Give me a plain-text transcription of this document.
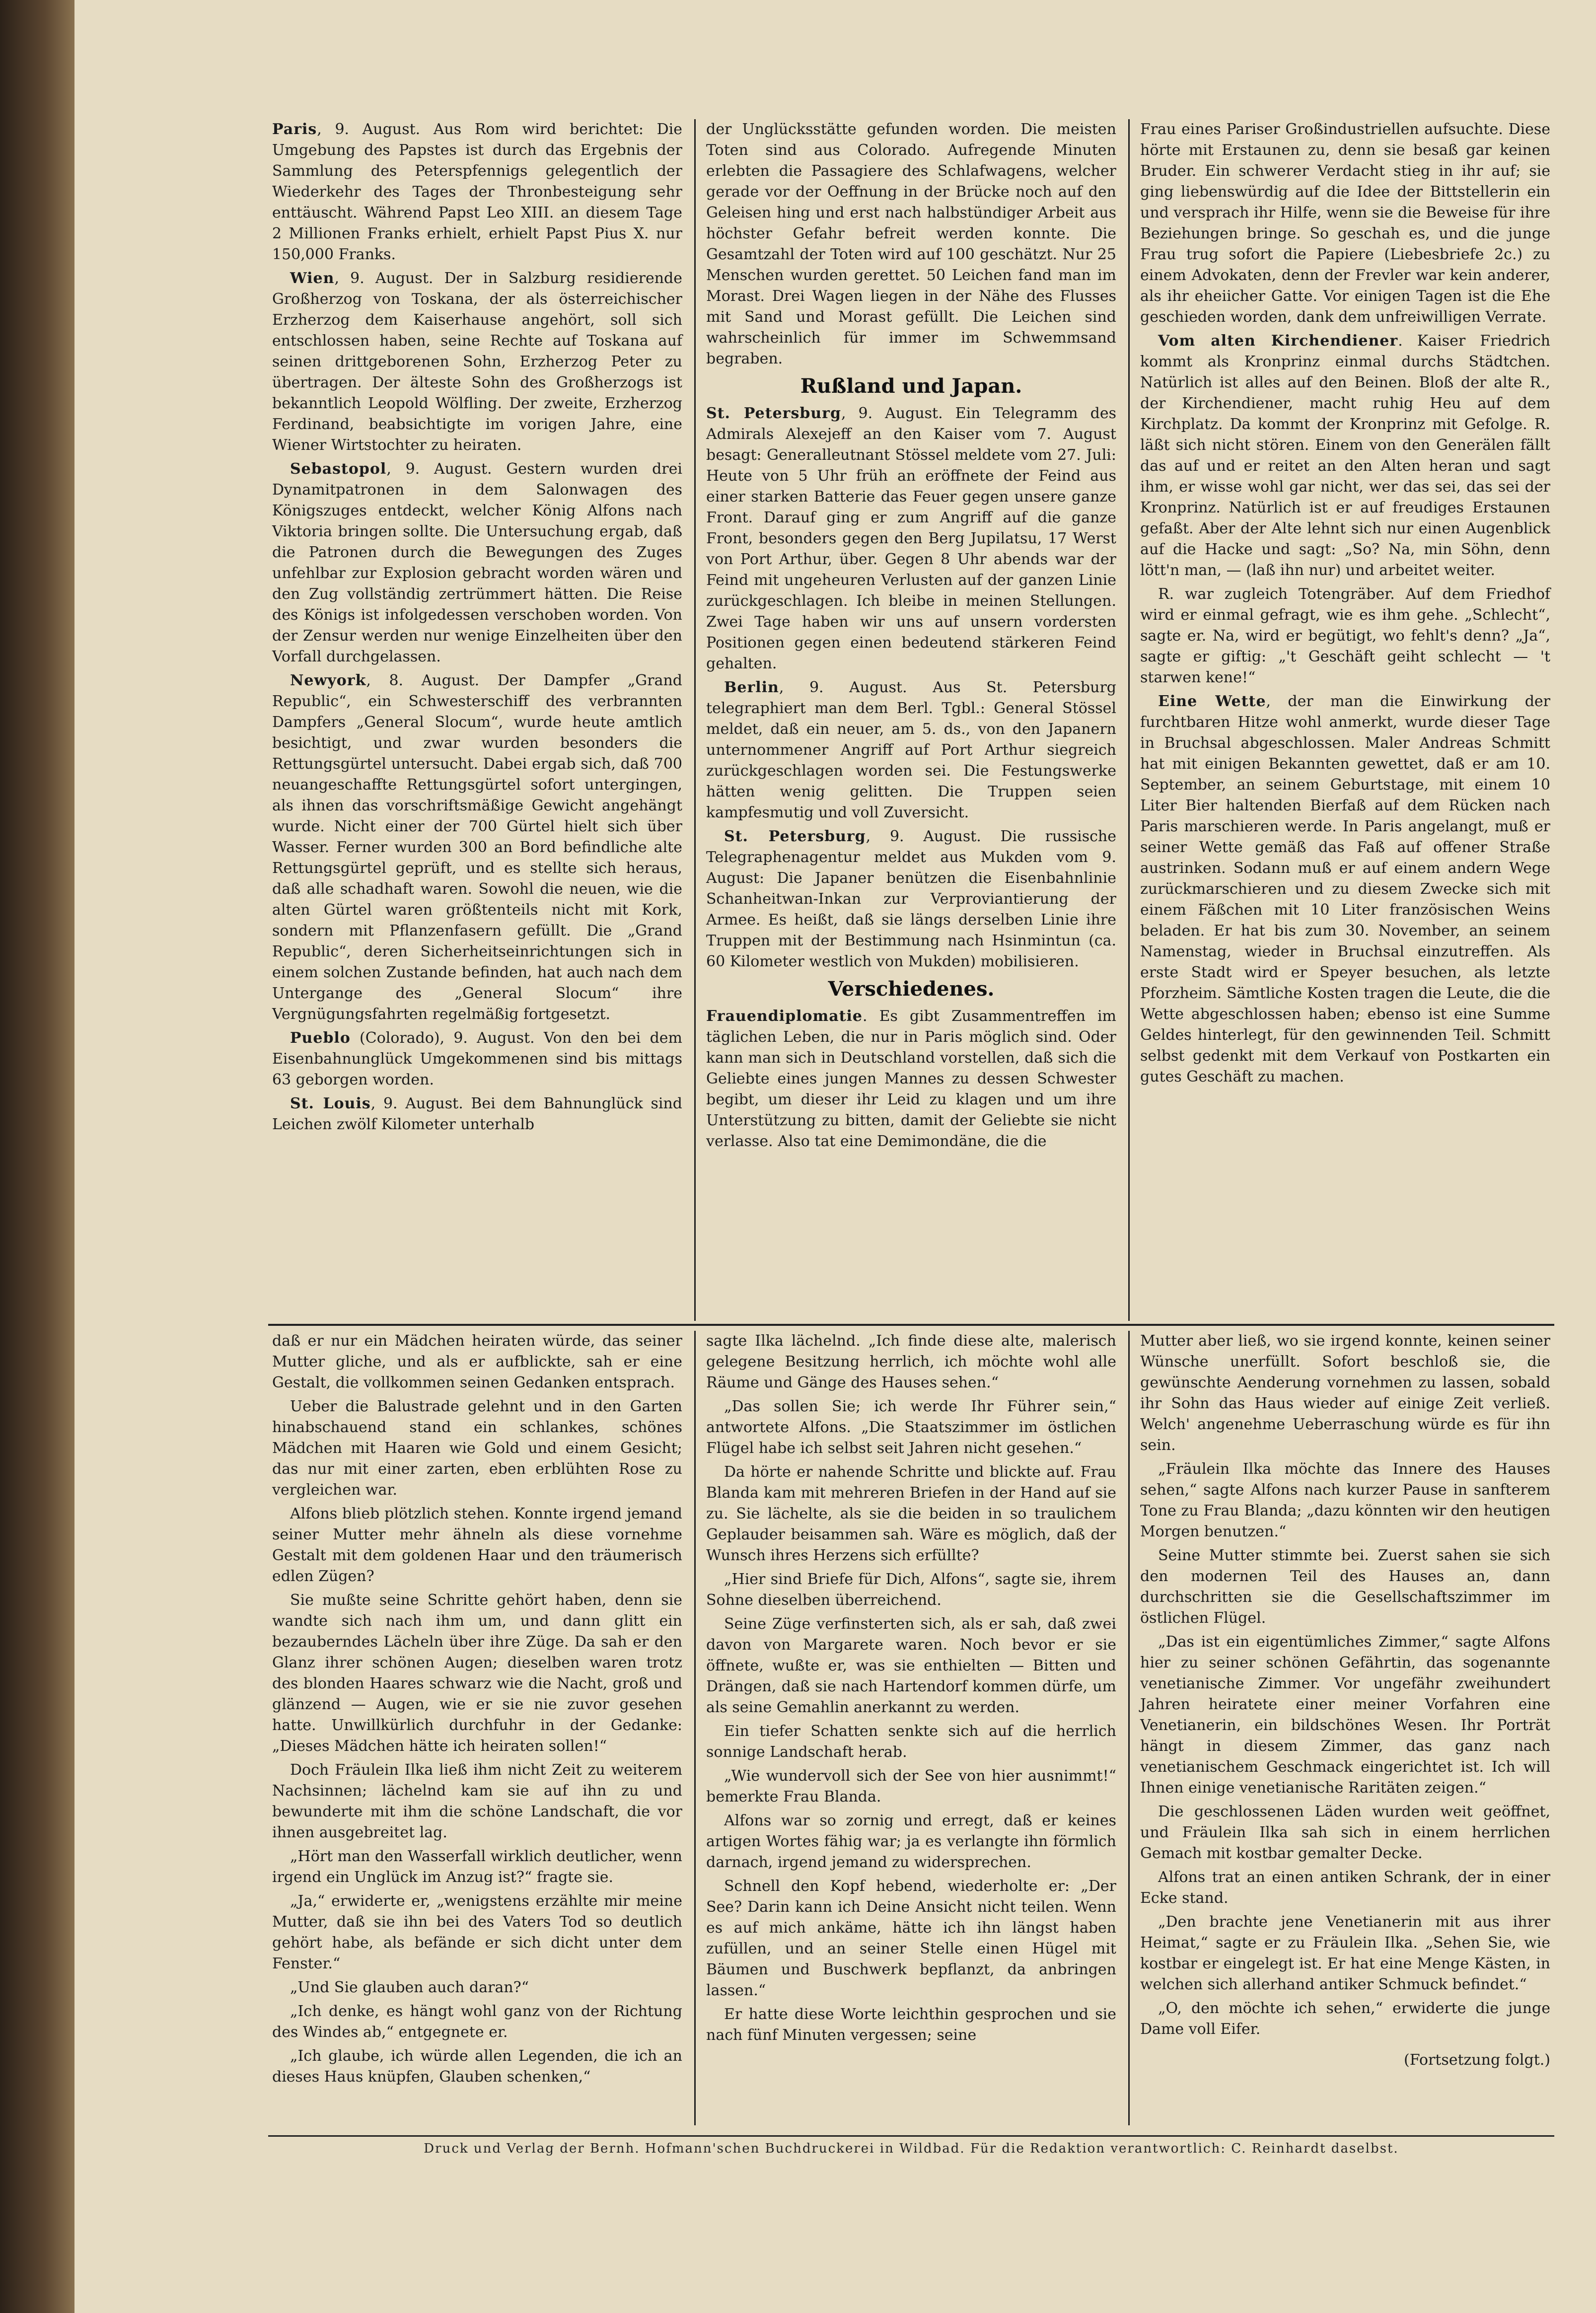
Paris, 9. August. Aus Rom wird berichtet: Die Umgebung des Papstes ist durch das Ergebnis der Sammlung des Peterspfennigs gelegentlich der Wiederkehr des Tages der Thronbesteigung sehr enttäuscht. Während Papst Leo XIII. an diesem Tage 2 Millionen Franks erhielt, erhielt Papst Pius X. nur 150,000 Franks.

Wien, 9. August. Der in Salzburg residierende Großherzog von Toskana, der als österreichischer Erzherzog dem Kaiserhause angehört, soll sich entschlossen haben, seine Rechte auf Toskana auf seinen drittgeborenen Sohn, Erzherzog Peter zu übertragen. Der älteste Sohn des Großherzogs ist bekanntlich Leopold Wölfling. Der zweite, Erzherzog Ferdinand, beabsichtigte im vorigen Jahre, eine Wiener Wirtstochter zu heiraten.

Sebastopol, 9. August. Gestern wurden drei Dynamitpatronen in dem Salonwagen des Königszuges entdeckt, welcher König Alfons nach Viktoria bringen sollte. Die Untersuchung ergab, daß die Patronen durch die Bewegungen des Zuges unfehlbar zur Explosion gebracht worden wären und den Zug vollständig zertrümmert hätten. Die Reise des Königs ist infolgedessen verschoben worden. Von der Zensur werden nur wenige Einzelheiten über den Vorfall durchgelassen.

Newyork, 8. August. Der Dampfer „Grand Republic“, ein Schwesterschiff des verbrannten Dampfers „General Slocum“, wurde heute amtlich besichtigt, und zwar wurden besonders die Rettungsgürtel untersucht. Dabei ergab sich, daß 700 neuangeschaffte Rettungsgürtel sofort untergingen, als ihnen das vorschriftsmäßige Gewicht angehängt wurde. Nicht einer der 700 Gürtel hielt sich über Wasser. Ferner wurden 300 an Bord befindliche alte Rettungsgürtel geprüft, und es stellte sich heraus, daß alle schadhaft waren. Sowohl die neuen, wie die alten Gürtel waren größtenteils nicht mit Kork, sondern mit Pflanzenfasern gefüllt. Die „Grand Republic“, deren Sicherheitseinrichtungen sich in einem solchen Zustande befinden, hat auch nach dem Untergange des „General Slocum“ ihre Vergnügungsfahrten regelmäßig fortgesetzt.

Pueblo (Colorado), 9. August. Von den bei dem Eisenbahnunglück Umgekommenen sind bis mittags 63 geborgen worden.

St. Louis, 9. August. Bei dem Bahnunglück sind Leichen zwölf Kilometer unterhalb

der Unglücksstätte gefunden worden. Die meisten Toten sind aus Colorado. Aufregende Minuten erlebten die Passagiere des Schlafwagens, welcher gerade vor der Oeffnung in der Brücke noch auf den Geleisen hing und erst nach halbstündiger Arbeit aus höchster Gefahr befreit werden konnte. Die Gesamtzahl der Toten wird auf 100 geschätzt. Nur 25 Menschen wurden gerettet. 50 Leichen fand man im Morast. Drei Wagen liegen in der Nähe des Flusses mit Sand und Morast gefüllt. Die Leichen sind wahrscheinlich für immer im Schwemmsand begraben.

Rußland und Japan.

St. Petersburg, 9. August. Ein Telegramm des Admirals Alexejeff an den Kaiser vom 7. August besagt: Generalleutnant Stössel meldete vom 27. Juli: Heute von 5 Uhr früh an eröffnete der Feind aus einer starken Batterie das Feuer gegen unsere ganze Front. Darauf ging er zum Angriff auf die ganze Front, besonders gegen den Berg Jupilatsu, 17 Werst von Port Arthur, über. Gegen 8 Uhr abends war der Feind mit ungeheuren Verlusten auf der ganzen Linie zurückgeschlagen. Ich bleibe in meinen Stellungen. Zwei Tage haben wir uns auf unsern vordersten Positionen gegen einen bedeutend stärkeren Feind gehalten.

Berlin, 9. August. Aus St. Petersburg telegraphiert man dem Berl. Tgbl.: General Stössel meldet, daß ein neuer, am 5. ds., von den Japanern unternommener Angriff auf Port Arthur siegreich zurückgeschlagen worden sei. Die Festungswerke hätten wenig gelitten. Die Truppen seien kampfesmutig und voll Zuversicht.

St. Petersburg, 9. August. Die russische Telegraphenagentur meldet aus Mukden vom 9. August: Die Japaner benützen die Eisenbahnlinie Schanheitwan-Inkan zur Verproviantierung der Armee. Es heißt, daß sie längs derselben Linie ihre Truppen mit der Bestimmung nach Hsinmintun (ca. 60 Kilometer westlich von Mukden) mobilisieren.

Verschiedenes.

Frauendiplomatie. Es gibt Zusammentreffen im täglichen Leben, die nur in Paris möglich sind. Oder kann man sich in Deutschland vorstellen, daß sich die Geliebte eines jungen Mannes zu dessen Schwester begibt, um dieser ihr Leid zu klagen und um ihre Unterstützung zu bitten, damit der Geliebte sie nicht verlasse. Also tat eine Demimondäne, die die

Frau eines Pariser Großindustriellen aufsuchte. Diese hörte mit Erstaunen zu, denn sie besaß gar keinen Bruder. Ein schwerer Verdacht stieg in ihr auf; sie ging liebenswürdig auf die Idee der Bittstellerin ein und versprach ihr Hilfe, wenn sie die Beweise für ihre Beziehungen bringe. So geschah es, und die junge Frau trug sofort die Papiere (Liebesbriefe 2c.) zu einem Advokaten, denn der Frevler war kein anderer, als ihr eheiicher Gatte. Vor einigen Tagen ist die Ehe geschieden worden, dank dem unfreiwilligen Verrate.

Vom alten Kirchendiener. Kaiser Friedrich kommt als Kronprinz einmal durchs Städtchen. Natürlich ist alles auf den Beinen. Bloß der alte R., der Kirchendiener, macht ruhig Heu auf dem Kirchplatz. Da kommt der Kronprinz mit Gefolge. R. läßt sich nicht stören. Einem von den Generälen fällt das auf und er reitet an den Alten heran und sagt ihm, er wisse wohl gar nicht, wer das sei, das sei der Kronprinz. Natürlich ist er auf freudiges Erstaunen gefaßt. Aber der Alte lehnt sich nur einen Augenblick auf die Hacke und sagt: „So? Na, min Söhn, denn lött'n man, — (laß ihn nur) und arbeitet weiter.

R. war zugleich Totengräber. Auf dem Friedhof wird er einmal gefragt, wie es ihm gehe. „Schlecht“, sagte er. Na, wird er begütigt, wo fehlt's denn? „Ja“, sagte er giftig: „'t Geschäft geiht schlecht — 't starwen kene!“

Eine Wette, der man die Einwirkung der furchtbaren Hitze wohl anmerkt, wurde dieser Tage in Bruchsal abgeschlossen. Maler Andreas Schmitt hat mit einigen Bekannten gewettet, daß er am 10. September, an seinem Geburtstage, mit einem 10 Liter Bier haltenden Bierfaß auf dem Rücken nach Paris marschieren werde. In Paris angelangt, muß er seiner Wette gemäß das Faß auf offener Straße austrinken. Sodann muß er auf einem andern Wege zurückmarschieren und zu diesem Zwecke sich mit einem Fäßchen mit 10 Liter französischen Weins beladen. Er hat bis zum 30. November, an seinem Namenstag, wieder in Bruchsal einzutreffen. Als erste Stadt wird er Speyer besuchen, als letzte Pforzheim. Sämtliche Kosten tragen die Leute, die die Wette abgeschlossen haben; ebenso ist eine Summe Geldes hinterlegt, für den gewinnenden Teil. Schmitt selbst gedenkt mit dem Verkauf von Postkarten ein gutes Geschäft zu machen.

daß er nur ein Mädchen heiraten würde, das seiner Mutter gliche, und als er aufblickte, sah er eine Gestalt, die vollkommen seinen Gedanken entsprach.

Ueber die Balustrade gelehnt und in den Garten hinabschauend stand ein schlankes, schönes Mädchen mit Haaren wie Gold und einem Gesicht; das nur mit einer zarten, eben erblühten Rose zu vergleichen war.

Alfons blieb plötzlich stehen. Konnte irgend jemand seiner Mutter mehr ähneln als diese vornehme Gestalt mit dem goldenen Haar und den träumerisch edlen Zügen?

Sie mußte seine Schritte gehört haben, denn sie wandte sich nach ihm um, und dann glitt ein bezauberndes Lächeln über ihre Züge. Da sah er den Glanz ihrer schönen Augen; dieselben waren trotz des blonden Haares schwarz wie die Nacht, groß und glänzend — Augen, wie er sie nie zuvor gesehen hatte. Unwillkürlich durchfuhr in der Gedanke: „Dieses Mädchen hätte ich heiraten sollen!“

Doch Fräulein Ilka ließ ihm nicht Zeit zu weiterem Nachsinnen; lächelnd kam sie auf ihn zu und bewunderte mit ihm die schöne Landschaft, die vor ihnen ausgebreitet lag.

„Hört man den Wasserfall wirklich deutlicher, wenn irgend ein Unglück im Anzug ist?“ fragte sie.

„Ja,“ erwiderte er, „wenigstens erzählte mir meine Mutter, daß sie ihn bei des Vaters Tod so deutlich gehört habe, als befände er sich dicht unter dem Fenster.“

„Und Sie glauben auch daran?“

„Ich denke, es hängt wohl ganz von der Richtung des Windes ab,“ entgegnete er.

„Ich glaube, ich würde allen Legenden, die ich an dieses Haus knüpfen, Glauben schenken,“

sagte Ilka lächelnd. „Ich finde diese alte, malerisch gelegene Besitzung herrlich, ich möchte wohl alle Räume und Gänge des Hauses sehen.“

„Das sollen Sie; ich werde Ihr Führer sein,“ antwortete Alfons. „Die Staatszimmer im östlichen Flügel habe ich selbst seit Jahren nicht gesehen.“

Da hörte er nahende Schritte und blickte auf. Frau Blanda kam mit mehreren Briefen in der Hand auf sie zu. Sie lächelte, als sie die beiden in so traulichem Geplauder beisammen sah. Wäre es möglich, daß der Wunsch ihres Herzens sich erfüllte?

„Hier sind Briefe für Dich, Alfons“, sagte sie, ihrem Sohne dieselben überreichend.

Seine Züge verfinsterten sich, als er sah, daß zwei davon von Margarete waren. Noch bevor er sie öffnete, wußte er, was sie enthielten — Bitten und Drängen, daß sie nach Hartendorf kommen dürfe, um als seine Gemahlin anerkannt zu werden.

Ein tiefer Schatten senkte sich auf die herrlich sonnige Landschaft herab.

„Wie wundervoll sich der See von hier ausnimmt!“ bemerkte Frau Blanda.

Alfons war so zornig und erregt, daß er keines artigen Wortes fähig war; ja es verlangte ihn förmlich darnach, irgend jemand zu widersprechen.

Schnell den Kopf hebend, wiederholte er: „Der See? Darin kann ich Deine Ansicht nicht teilen. Wenn es auf mich ankäme, hätte ich ihn längst haben zufüllen, und an seiner Stelle einen Hügel mit Bäumen und Buschwerk bepflanzt, da anbringen lassen.“

Er hatte diese Worte leichthin gesprochen und sie nach fünf Minuten vergessen; seine

Mutter aber ließ, wo sie irgend konnte, keinen seiner Wünsche unerfüllt. Sofort beschloß sie, die gewünschte Aenderung vornehmen zu lassen, sobald ihr Sohn das Haus wieder auf einige Zeit verließ. Welch' angenehme Ueberraschung würde es für ihn sein.

„Fräulein Ilka möchte das Innere des Hauses sehen,“ sagte Alfons nach kurzer Pause in sanfterem Tone zu Frau Blanda; „dazu könnten wir den heutigen Morgen benutzen.“

Seine Mutter stimmte bei. Zuerst sahen sie sich den modernen Teil des Hauses an, dann durchschritten sie die Gesellschaftszimmer im östlichen Flügel.

„Das ist ein eigentümliches Zimmer,“ sagte Alfons hier zu seiner schönen Gefährtin, das sogenannte venetianische Zimmer. Vor ungefähr zweihundert Jahren heiratete einer meiner Vorfahren eine Venetianerin, ein bildschönes Wesen. Ihr Porträt hängt in diesem Zimmer, das ganz nach venetianischem Geschmack eingerichtet ist. Ich will Ihnen einige venetianische Raritäten zeigen.“

Die geschlossenen Läden wurden weit geöffnet, und Fräulein Ilka sah sich in einem herrlichen Gemach mit kostbar gemalter Decke.

Alfons trat an einen antiken Schrank, der in einer Ecke stand.

„Den brachte jene Venetianerin mit aus ihrer Heimat,“ sagte er zu Fräulein Ilka. „Sehen Sie, wie kostbar er eingelegt ist. Er hat eine Menge Kästen, in welchen sich allerhand antiker Schmuck befindet.“

„O, den möchte ich sehen,“ erwiderte die junge Dame voll Eifer.

(Fortsetzung folgt.)

Druck und Verlag der Bernh. Hofmann'schen Buchdruckerei in Wildbad. Für die Redaktion verantwortlich: C. Reinhardt daselbst.
